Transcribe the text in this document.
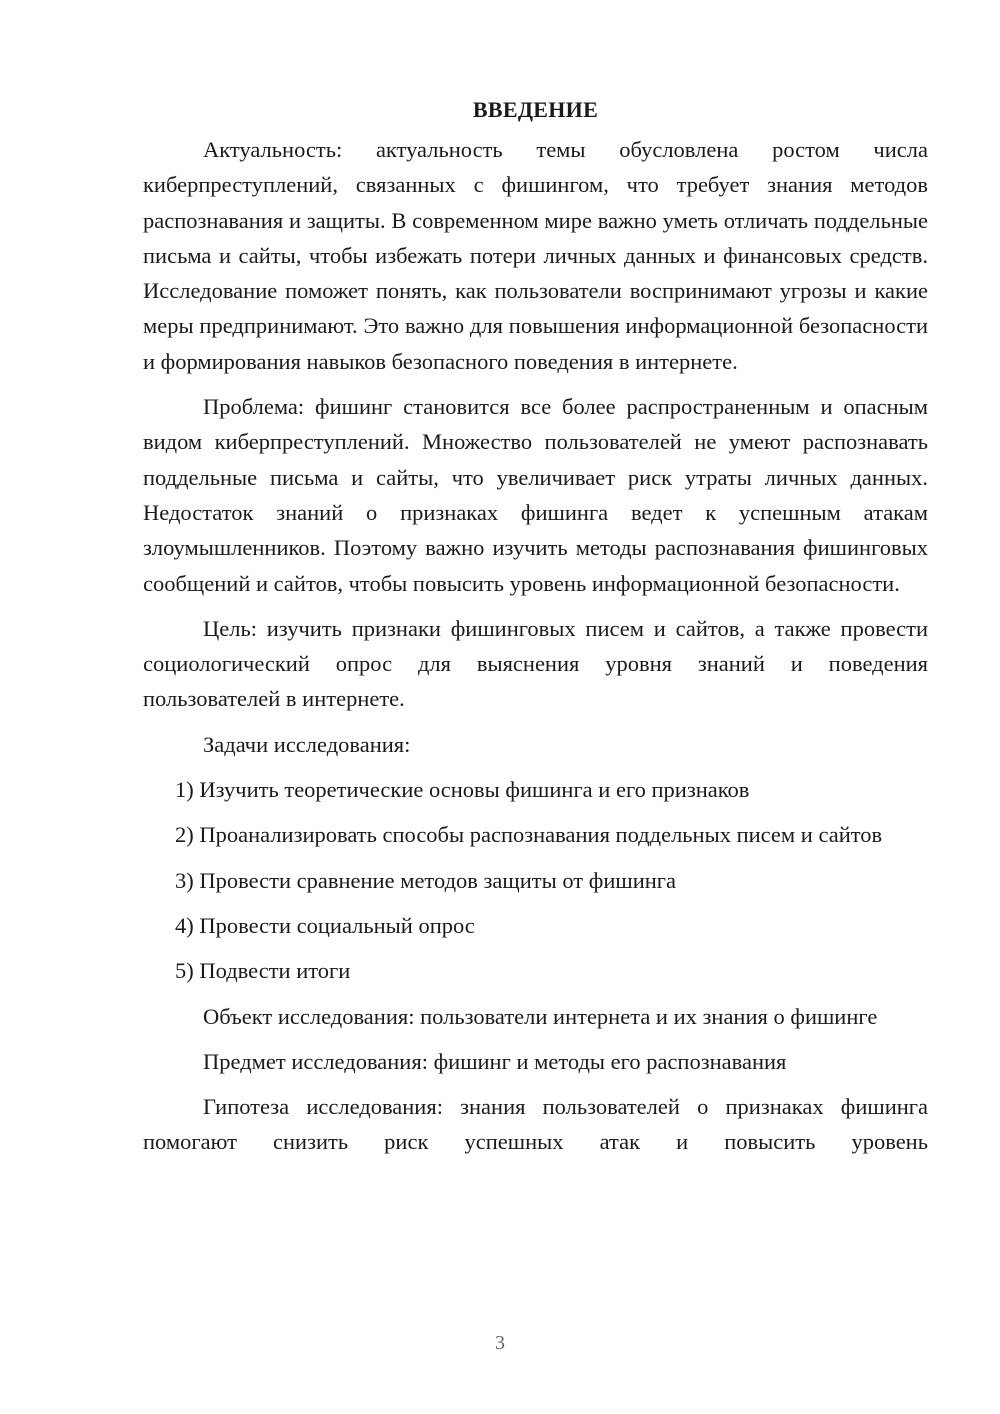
ВВЕДЕНИЕ

Актуальность: актуальность темы обусловлена ростом числа киберпреступлений, связанных с фишингом, что требует знания методов распознавания и защиты. В современном мире важно уметь отличать поддельные письма и сайты, чтобы избежать потери личных данных и финансовых средств. Исследование поможет понять, как пользователи воспринимают угрозы и какие меры предпринимают. Это важно для повышения информационной безопасности и формирования навыков безопасного поведения в интернете.

Проблема: фишинг становится все более распространенным и опасным видом киберпреступлений. Множество пользователей не умеют распознавать поддельные письма и сайты, что увеличивает риск утраты личных данных. Недостаток знаний о признаках фишинга ведет к успешным атакам злоумышленников. Поэтому важно изучить методы распознавания фишинговых сообщений и сайтов, чтобы повысить уровень информационной безопасности.

Цель: изучить признаки фишинговых писем и сайтов, а также провести социологический опрос для выяснения уровня знаний и поведения пользователей в интернете.

Задачи исследования:

1) Изучить теоретические основы фишинга и его признаков

2) Проанализировать способы распознавания поддельных писем и сайтов

3) Провести сравнение методов защиты от фишинга

4) Провести социальный опрос

5) Подвести итоги

Объект исследования: пользователи интернета и их знания о фишинге

Предмет исследования: фишинг и методы его распознавания

Гипотеза исследования: знания пользователей о признаках фишинга помогают снизить риск успешных атак и повысить уровень

3
